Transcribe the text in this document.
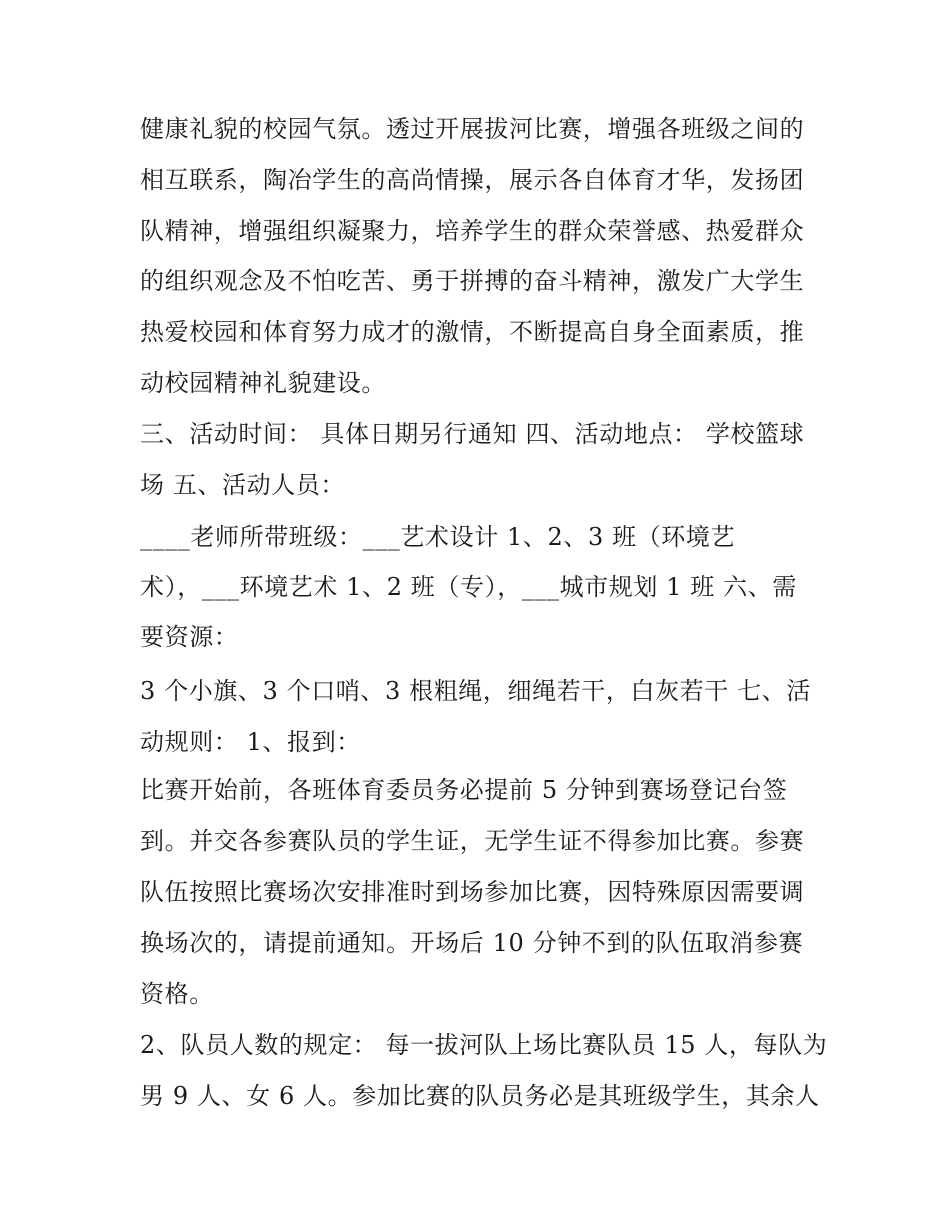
健康礼貌的校园气氛。透过开展拔河比赛，增强各班级之间的
相互联系，陶冶学生的高尚情操，展示各自体育才华，发扬团
队精神，增强组织凝聚力，培养学生的群众荣誉感、热爱群众
的组织观念及不怕吃苦、勇于拼搏的奋斗精神，激发广大学生
热爱校园和体育努力成才的激情，不断提高自身全面素质，推
动校园精神礼貌建设。
三、活动时间： 具体日期另行通知 四、活动地点： 学校篮球
场 五、活动人员：
____老师所带班级：___艺术设计 1、2、3 班（环境艺
术），___环境艺术 1、2 班（专），___城市规划 1 班 六、需
要资源：
3 个小旗、3 个口哨、3 根粗绳，细绳若干，白灰若干 七、活
动规则： 1、报到：
比赛开始前，各班体育委员务必提前 5 分钟到赛场登记台签
到。并交各参赛队员的学生证，无学生证不得参加比赛。参赛
队伍按照比赛场次安排准时到场参加比赛，因特殊原因需要调
换场次的，请提前通知。开场后 10 分钟不到的队伍取消参赛
资格。
2、队员人数的规定： 每一拔河队上场比赛队员 15 人，每队为
男 9 人、女 6 人。参加比赛的队员务必是其班级学生，其余人
